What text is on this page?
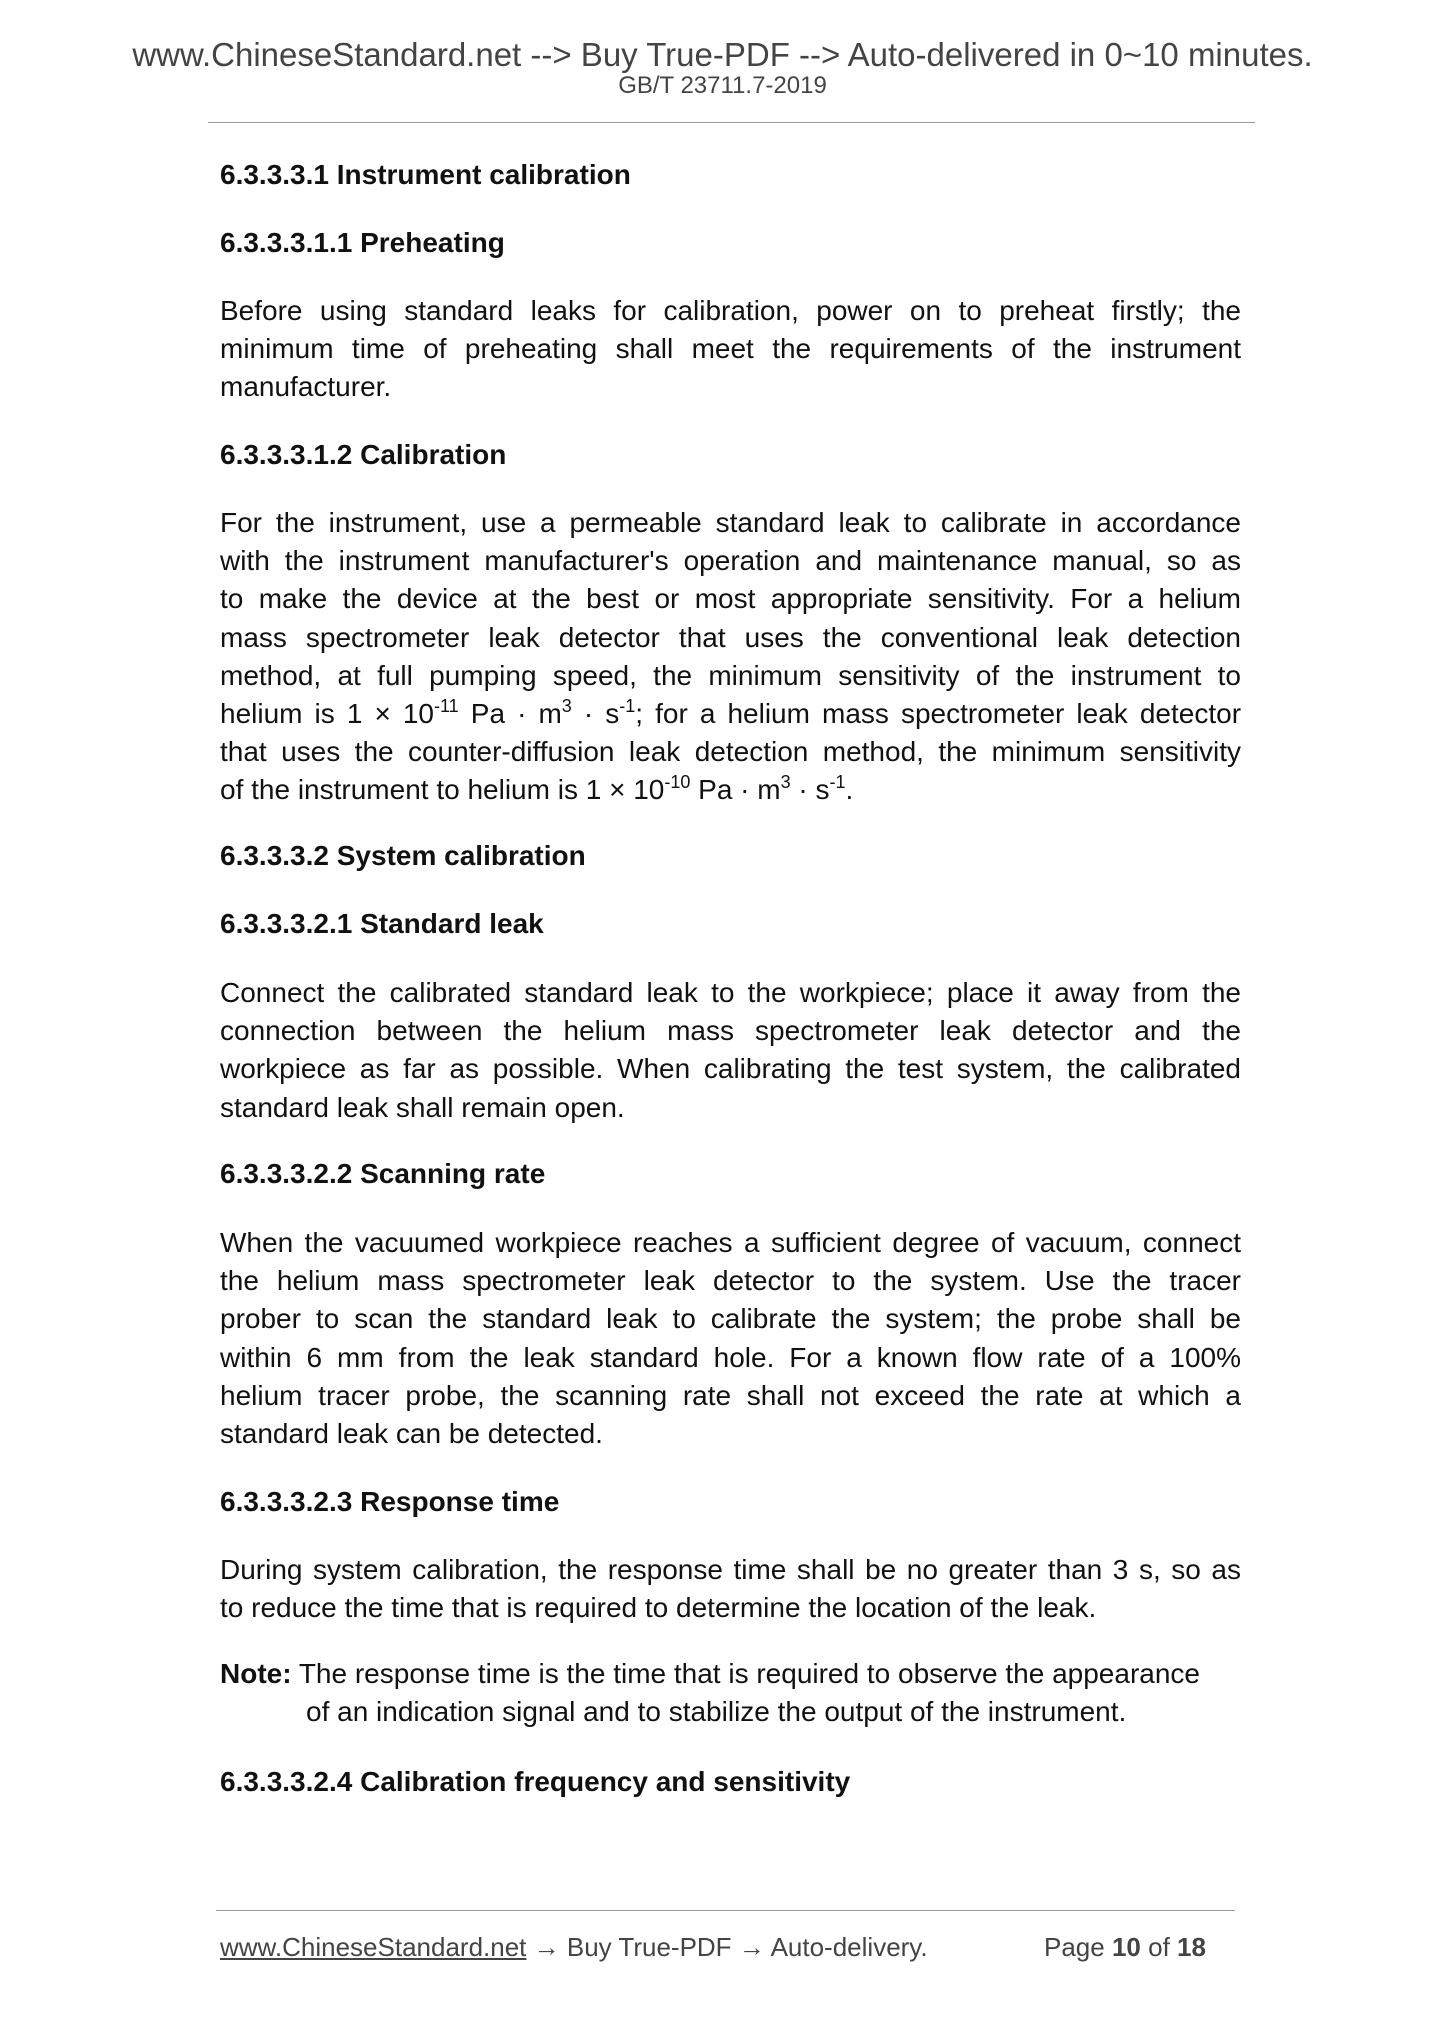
www.ChineseStandard.net --> Buy True-PDF --> Auto-delivered in 0~10 minutes.
GB/T 23711.7-2019
6.3.3.3.1 Instrument calibration
6.3.3.3.1.1 Preheating
Before using standard leaks for calibration, power on to preheat firstly; the
minimum time of preheating shall meet the requirements of the instrument
manufacturer.
6.3.3.3.1.2 Calibration
For the instrument, use a permeable standard leak to calibrate in accordance
with the instrument manufacturer's operation and maintenance manual, so as
to make the device at the best or most appropriate sensitivity. For a helium
mass spectrometer leak detector that uses the conventional leak detection
method, at full pumping speed, the minimum sensitivity of the instrument to
helium is $1 \times 10^{-11}$ $Pa \cdot m^3 \cdot s^{-1}$; for a helium mass spectrometer leak detector
that uses the counter-diffusion leak detection method, the minimum sensitivity
of the instrument to helium is $1 \times 10^{-10}$ $Pa \cdot m^3 \cdot s^{-1}$.
6.3.3.3.2 System calibration
6.3.3.3.2.1 Standard leak
Connect the calibrated standard leak to the workpiece; place it away from the
connection between the helium mass spectrometer leak detector and the
workpiece as far as possible. When calibrating the test system, the calibrated
standard leak shall remain open.
6.3.3.3.2.2 Scanning rate
When the vacuumed workpiece reaches a sufficient degree of vacuum, connect
the helium mass spectrometer leak detector to the system. Use the tracer
prober to scan the standard leak to calibrate the system; the probe shall be
within 6 mm from the leak standard hole. For a known flow rate of a 100%
helium tracer probe, the scanning rate shall not exceed the rate at which a
standard leak can be detected.
6.3.3.3.2.3 Response time
During system calibration, the response time shall be no greater than 3 s, so as
to reduce the time that is required to determine the location of the leak.
Note: The response time is the time that is required to observe the appearance
of an indication signal and to stabilize the output of the instrument.
6.3.3.3.2.4 Calibration frequency and sensitivity
www.ChineseStandard.net → Buy True-PDF → Auto-delivery.	Page 10 of 18
